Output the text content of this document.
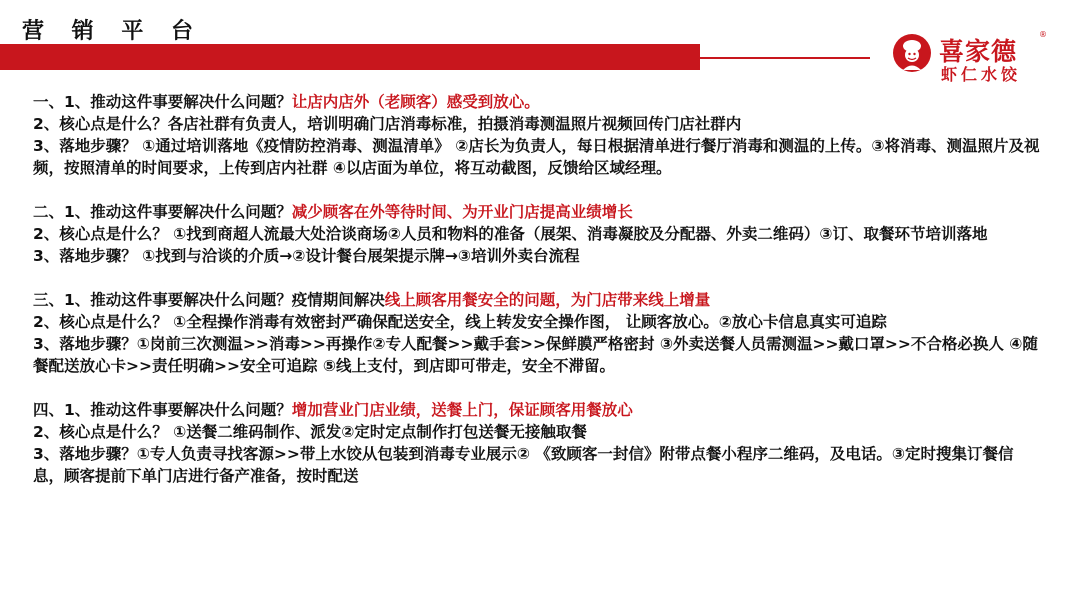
营 销 平 台
喜家德
®
虾仁水饺
一、1、推动这件事要解决什么问题？让店内店外（老顾客）感受到放心。
2、核心点是什么？各店社群有负责人，培训明确门店消毒标准，拍摄消毒测温照片视频回传门店社群内
3、落地步骤？ ①通过培训落地《疫情防控消毒、测温清单》 ②店长为负责人，每日根据清单进行餐厅消毒和测温的上传。③将消毒、测温照片及视频，按照清单的时间要求，上传到店内社群 ④以店面为单位，将互动截图，反馈给区域经理。
二、1、推动这件事要解决什么问题？减少顾客在外等待时间、为开业门店提高业绩增长
2、核心点是什么？ ①找到商超人流最大处洽谈商场②人员和物料的准备（展架、消毒凝胶及分配器、外卖二维码）③订、取餐环节培训落地
3、落地步骤？ ①找到与洽谈的介质→②设计餐台展架提示牌→③培训外卖台流程
三、1、推动这件事要解决什么问题？疫情期间解决线上顾客用餐安全的问题，为门店带来线上增量
2、核心点是什么？ ①全程操作消毒有效密封严确保配送安全，线上转发安全操作图， 让顾客放心。②放心卡信息真实可追踪
3、落地步骤？①岗前三次测温>>消毒>>再操作②专人配餐>>戴手套>>保鲜膜严格密封 ③外卖送餐人员需测温>>戴口罩>>不合格必换人 ④随餐配送放心卡>>责任明确>>安全可追踪 ⑤线上支付，到店即可带走，安全不滞留。
四、1、推动这件事要解决什么问题？增加营业门店业绩，送餐上门，保证顾客用餐放心
2、核心点是什么？ ①送餐二维码制作、派发②定时定点制作打包送餐无接触取餐
3、落地步骤？①专人负责寻找客源>>带上水饺从包装到消毒专业展示② 《致顾客一封信》附带点餐小程序二维码，及电话。③定时搜集订餐信息，顾客提前下单门店进行备产准备，按时配送
